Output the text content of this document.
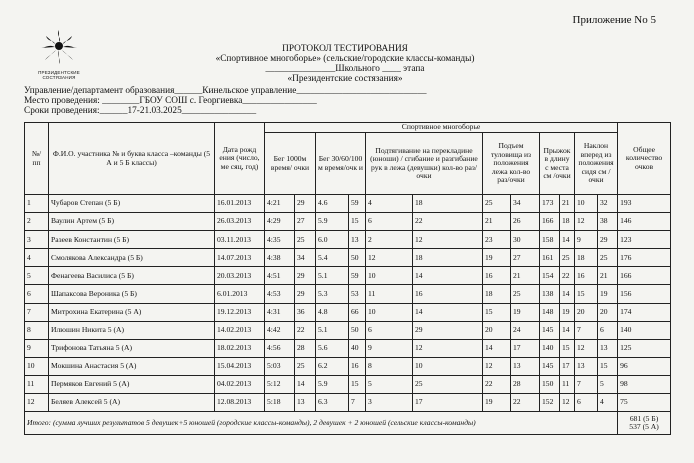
ПРЕЗИДЕНТСКИЕ СОСТЯЗАНИЯ
Приложение No 5
ПРОТОКОЛ ТЕСТИРОВАНИЯ
«Спортивное многоборье» (сельские/городские классы-команды)
_______________Школьного ____ этапа
«Президентские состязания»
Управление/департамент образования______Кинельское управление____________________________
Место проведения: ________ГБОУ СОШ с. Георгиевка________________
Сроки проведения:______17-21.03.2025________________
№/ пп	Ф.И.О. участника № и буква класса –команды (5 А и 5 Б классы)	Дата рожд ения (число, ме сяц, год)	Спортивное многоборье												Общее количество очков
			Бег 1000м время/ очки		Бег 30/60/100 м время/очк и		Подтягивание на перекладине (юноши) / сгибание и разгибание рук в лежа (девушки) кол-во раз/очки		Подъем туловища из положения лежа кол-во раз/очки		Прыжок в длину с места см /очки		Наклон вперед из положения сидя см /очки		
1	Чубаров Степан (5 Б)	16.01.2013	4:21	29	4.6	59	4	18	25	34	173	21	10	32	193
2	Ваулин Артем (5 Б)	26.03.2013	4:29	27	5.9	15	6	22	21	26	166	18	12	38	146
3	Разеев Константин (5 Б)	03.11.2013	4:35	25	6.0	13	2	12	23	30	158	14	9	29	123
4	Смолякова Александра (5 Б)	14.07.2013	4:38	34	5.4	50	12	18	19	27	161	25	18	25	176
5	Фенагеева Василиса (5 Б)	20.03.2013	4:51	29	5.1	59	10	14	16	21	154	22	16	21	166
6	Шапаксова Вероника (5 Б)	6.01.2013	4:53	29	5.3	53	11	16	18	25	138	14	15	19	156
7	Митрохина Екатерина (5 А)	19.12.2013	4:31	36	4.8	66	10	14	15	19	148	19	20	20	174
8	Илюшин Никита 5 (А)	14.02.2013	4:42	22	5.1	50	6	29	20	24	145	14	7	6	140
9	Трифонова Татьяна 5 (А)	18.02.2013	4:56	28	5.6	40	9	12	14	17	140	15	12	13	125
10	Мокшина Анастасия 5 (А)	15.04.2013	5:03	25	6.2	16	8	10	12	13	145	17	13	15	96
11	Пермяков Евгений 5 (А)	04.02.2013	5:12	14	5.9	15	5	25	22	28	150	11	7	5	98
12	Беляев Алексей 5 (А)	12.08.2013	5:18	13	6.3	7	3	17	19	22	152	12	6	4	75
Итого: (сумма лучших результатов 5 девушек+5 юношей (городские классы-команды), 2 девушек + 2 юношей (сельские классы-команды)															681 (5 Б)
537 (5 А)
